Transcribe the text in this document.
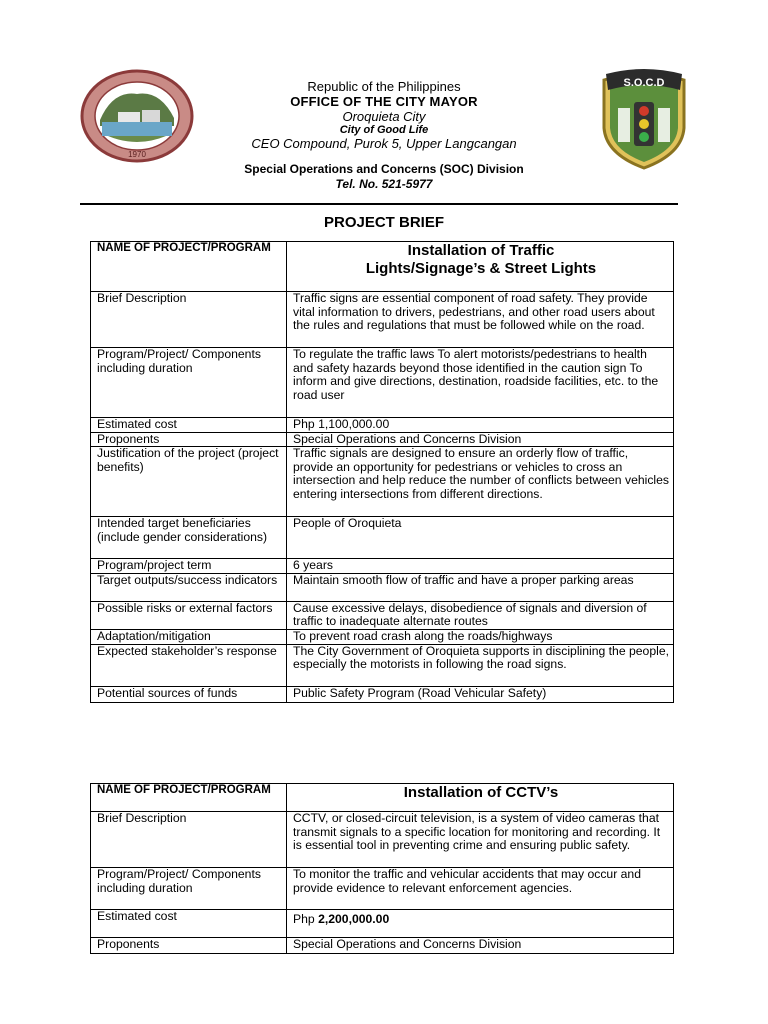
1970
S.O.C.D
Republic of the Philippines
OFFICE OF THE CITY MAYOR
Oroquieta City
City of Good Life
CEO Compound, Purok 5, Upper Langcangan
Special Operations and Concerns (SOC) Division
Tel. No. 521-5977
PROJECT BRIEF
NAME OF PROJECT/PROGRAM	Installation of Traffic
Lights/Signage’s & Street Lights

Brief Description	Traffic signs are essential component of road safety. They provide vital information to drivers, pedestrians, and other road users about the rules and regulations that must be followed while on the road.
Program/Project/ Components including duration	To regulate the traffic laws To alert motorists/pedestrians to health and safety hazards beyond those identified in the caution sign To inform and give directions, destination, roadside facilities, etc. to the road user
Estimated cost	Php 1,100,000.00
Proponents	Special Operations and Concerns Division
Justification of the project (project benefits)	Traffic signals are designed to ensure an orderly flow of traffic, provide an opportunity for pedestrians or vehicles to cross an intersection and help reduce the number of conflicts between vehicles entering intersections from different directions.
Intended target beneficiaries (include gender considerations)	People of Oroquieta
Program/project term	6 years
Target outputs/success indicators	Maintain smooth flow of traffic and have a proper parking areas
Possible risks or external factors	Cause excessive delays, disobedience of signals and diversion of traffic to inadequate alternate routes
Adaptation/mitigation	To prevent road crash along the roads/highways
Expected stakeholder’s response	The City Government of Oroquieta supports in disciplining the people, especially the motorists in following the road signs.
Potential sources of funds	Public Safety Program (Road Vehicular Safety)
NAME OF PROJECT/PROGRAM	Installation of CCTV’s
Brief Description	CCTV, or closed-circuit television, is a system of video cameras that transmit signals to a specific location for monitoring and recording. It is essential tool in preventing crime and ensuring public safety.
Program/Project/ Components including duration	To monitor the traffic and vehicular accidents that may occur and provide evidence to relevant enforcement agencies.
Estimated cost	Php 2,200,000.00
Proponents	Special Operations and Concerns Division
